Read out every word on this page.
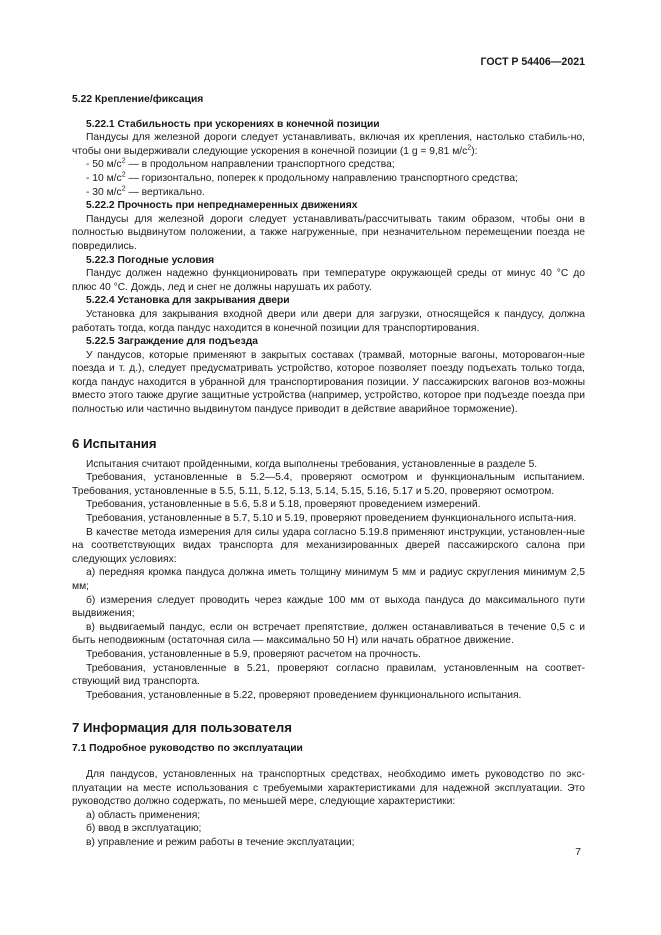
ГОСТ Р 54406—2021

5.22 Крепление/фиксация

5.22.1 Стабильность при ускорениях в конечной позиции

Пандусы для железной дороги следует устанавливать, включая их крепления, настолько стабиль-но, чтобы они выдерживали следующие ускорения в конечной позиции (1 g = 9,81 $м/с^2$):

- 50 $м/с^2$ — в продольном направлении транспортного средства;

- 10 $м/с^2$ — горизонтально, поперек к продольному направлению транспортного средства;

- 30 $м/с^2$ — вертикально.

5.22.2 Прочность при непреднамеренных движениях

Пандусы для железной дороги следует устанавливать/рассчитывать таким образом, чтобы они в полностью выдвинутом положении, а также нагруженные, при незначительном перемещении поезда не повредились.

5.22.3 Погодные условия

Пандус должен надежно функционировать при температуре окружающей среды от минус 40 °С до плюс 40 °С. Дождь, лед и снег не должны нарушать их работу.

5.22.4 Установка для закрывания двери

Установка для закрывания входной двери или двери для загрузки, относящейся к пандусу, должна работать тогда, когда пандус находится в конечной позиции для транспортирования.

5.22.5 Заграждение для подъезда

У пандусов, которые применяют в закрытых составах (трамвай, моторные вагоны, моторовагон-ные поезда и т. д.), следует предусматривать устройство, которое позволяет поезду подъехать только тогда, когда пандус находится в убранной для транспортирования позиции. У пассажирских вагонов воз-можны вместо этого также другие защитные устройства (например, устройство, которое при подъезде поезда при полностью или частично выдвинутом пандусе приводит в действие аварийное торможение).

6 Испытания

Испытания считают пройденными, когда выполнены требования, установленные в разделе 5.

Требования, установленные в 5.2—5.4, проверяют осмотром и функциональным испытанием. Требования, установленные в 5.5, 5.11, 5.12, 5.13, 5.14, 5.15, 5.16, 5.17 и 5.20, проверяют осмотром.

Требования, установленные в 5.6, 5.8 и 5.18, проверяют проведением измерений.

Требования, установленные в 5.7, 5.10 и 5.19, проверяют проведением функционального испыта-ния.

В качестве метода измерения для силы удара согласно 5.19.8 применяют инструкции, установлен-ные на соответствующих видах транспорта для механизированных дверей пассажирского салона при следующих условиях:

а) передняя кромка пандуса должна иметь толщину минимум 5 мм и радиус скругления минимум 2,5 мм;

б) измерения следует проводить через каждые 100 мм от выхода пандуса до максимального пути выдвижения;

в) выдвигаемый пандус, если он встречает препятствие, должен останавливаться в течение 0,5 с и быть неподвижным (остаточная сила — максимально 50 Н) или начать обратное движение.

Требования, установленные в 5.9, проверяют расчетом на прочность.

Требования, установленные в 5.21, проверяют согласно правилам, установленным на соответ-ствующий вид транспорта.

Требования, установленные в 5.22, проверяют проведением функционального испытания.

7 Информация для пользователя

7.1 Подробное руководство по эксплуатации

Для пандусов, установленных на транспортных средствах, необходимо иметь руководство по экс-плуатации на месте использования с требуемыми характеристиками для надежной эксплуатации. Это руководство должно содержать, по меньшей мере, следующие характеристики:

а) область применения;

б) ввод в эксплуатацию;

в) управление и режим работы в течение эксплуатации;

7
